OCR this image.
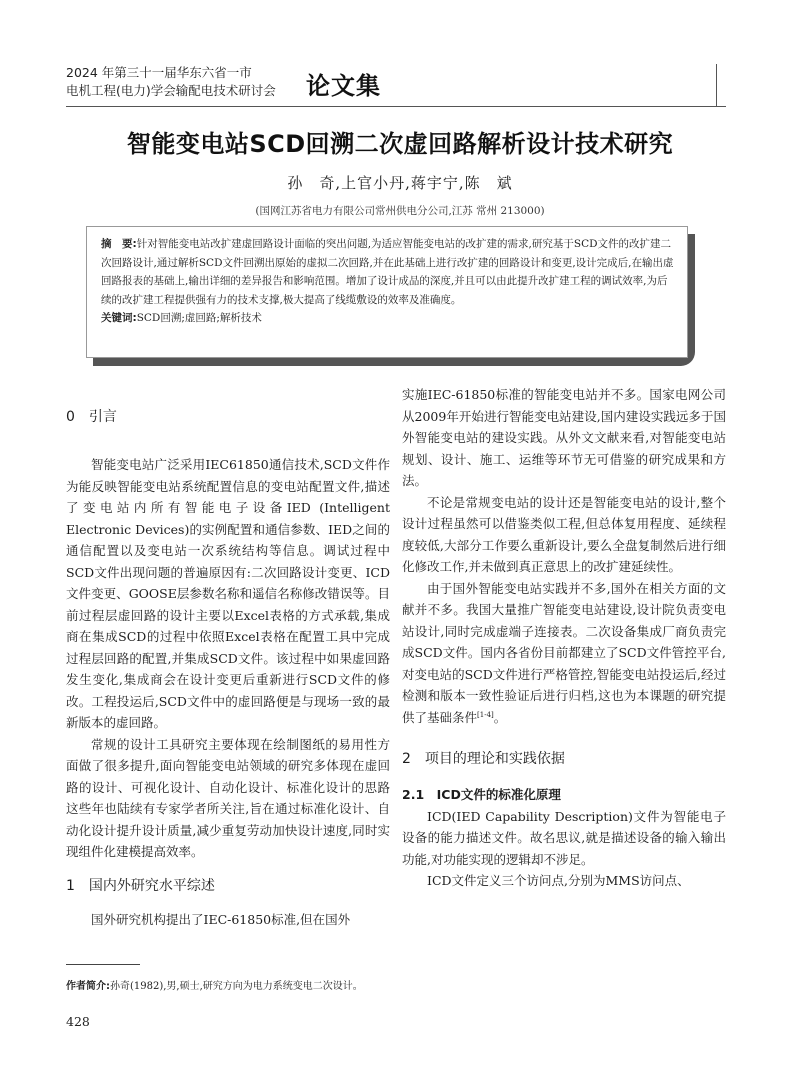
2024 年第三十一届华东六省一市
电机工程(电力)学会输配电技术研讨会 论文集
智能变电站SCD回溯二次虚回路解析设计技术研究
孙　奇,上官小丹,蒋宇宁,陈　斌
(国网江苏省电力有限公司常州供电分公司,江苏 常州 213000)
摘　要:针对智能变电站改扩建虚回路设计面临的突出问题,为适应智能变电站的改扩建的需求,研究基于SCD文件的改扩建二次回路设计,通过解析SCD文件回溯出原始的虚拟二次回路,并在此基础上进行改扩建的回路设计和变更,设计完成后,在输出虚回路报表的基础上,输出详细的差异报告和影响范围。增加了设计成品的深度,并且可以由此提升改扩建工程的调试效率,为后续的改扩建工程提供强有力的技术支撑,极大提高了线缆敷设的效率及准确度。
关键词:SCD回溯;虚回路;解析技术
0　引言

智能变电站广泛采用IEC61850通信技术,SCD文件作为能反映智能变电站系统配置信息的变电站配置文件,描述了变电站内所有智能电子设备IED (Intelligent Electronic Devices)的实例配置和通信参数、IED之间的通信配置以及变电站一次系统结构等信息。调试过程中SCD文件出现问题的普遍原因有:二次回路设计变更、ICD文件变更、GOOSE层参数名称和遥信名称修改错误等。目前过程层虚回路的设计主要以Excel表格的方式承载,集成商在集成SCD的过程中依照Excel表格在配置工具中完成过程层回路的配置,并集成SCD文件。该过程中如果虚回路发生变化,集成商会在设计变更后重新进行SCD文件的修改。工程投运后,SCD文件中的虚回路便是与现场一致的最新版本的虚回路。

常规的设计工具研究主要体现在绘制图纸的易用性方面做了很多提升,面向智能变电站领域的研究多体现在虚回路的设计、可视化设计、自动化设计、标准化设计的思路这些年也陆续有专家学者所关注,旨在通过标准化设计、自动化设计提升设计质量,减少重复劳动加快设计速度,同时实现组件化建模提高效率。

1　国内外研究水平综述

国外研究机构提出了IEC-61850标准,但在国外

实施IEC-61850标准的智能变电站并不多。国家电网公司从2009年开始进行智能变电站建设,国内建设实践远多于国外智能变电站的建设实践。从外文文献来看,对智能变电站规划、设计、施工、运维等环节无可借鉴的研究成果和方法。

不论是常规变电站的设计还是智能变电站的设计,整个设计过程虽然可以借鉴类似工程,但总体复用程度、延续程度较低,大部分工作要么重新设计,要么全盘复制然后进行细化修改工作,并未做到真正意思上的改扩建延续性。

由于国外智能变电站实践并不多,国外在相关方面的文献并不多。我国大量推广智能变电站建设,设计院负责变电站设计,同时完成虚端子连接表。二次设备集成厂商负责完成SCD文件。国内各省份目前都建立了SCD文件管控平台,对变电站的SCD文件进行严格管控,智能变电站投运后,经过检测和版本一致性验证后进行归档,这也为本课题的研究提供了基础条件[1-4]。

2　项目的理论和实践依据
2.1　ICD文件的标准化原理

ICD(IED Capability Description)文件为智能电子设备的能力描述文件。故名思议,就是描述设备的输入输出功能,对功能实现的逻辑却不涉足。

ICD文件定义三个访问点,分别为MMS访问点、

作者简介:孙奇(1982),男,硕士,研究方向为电力系统变电二次设计。
428
